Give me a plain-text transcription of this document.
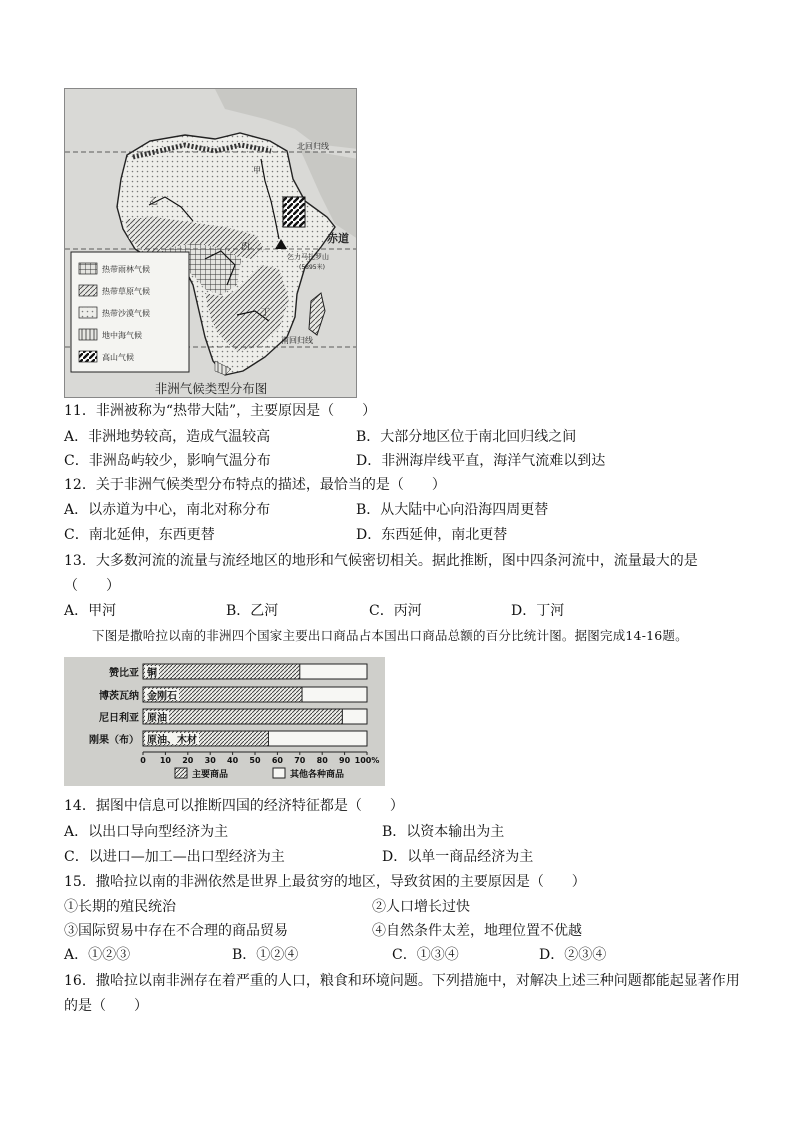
甲
乙
丙
丁
北回归线
赤道
南回归线
乞力马扎罗山
(5895米)
热带雨林气候
热带草原气候
热带沙漠气候
地中海气候
高山气候
非洲气候类型分布图
11．非洲被称为“热带大陆”，主要原因是（　　）
A．非洲地势较高，造成气温较高	B．大部分地区位于南北回归线之间
C．非洲岛屿较少，影响气温分布	D．非洲海岸线平直，海洋气流难以到达
12．关于非洲气候类型分布特点的描述，最恰当的是（　　）
A．以赤道为中心，南北对称分布	B．从大陆中心向沿海四周更替
C．南北延伸，东西更替	D．东西延伸，南北更替
13．大多数河流的流量与流经地区的地形和气候密切相关。据此推断，图中四条河流中，流量最大的是
（　　）
A．甲河	B．乙河	C．丙河	D．丁河
下图是撒哈拉以南的非洲四个国家主要出口商品占本国出口商品总额的百分比统计图。据图完成14-16题。
赞比亚 铜
博茨瓦纳 金刚石
尼日利亚 原油
刚果（布） 原油、木材
0 10 20 30 40 50 60 70 80 90 100%
主要商品	其他各种商品
14．据图中信息可以推断四国的经济特征都是（　　）
A．以出口导向型经济为主	B．以资本输出为主
C．以进口—加工—出口型经济为主	D．以单一商品经济为主
15．撒哈拉以南的非洲依然是世界上最贫穷的地区，导致贫困的主要原因是（　　）
①长期的殖民统治	②人口增长过快
③国际贸易中存在不合理的商品贸易	④自然条件太差，地理位置不优越
A．①②③	B．①②④	C．①③④	D．②③④
16．撒哈拉以南非洲存在着严重的人口，粮食和环境问题。下列措施中，对解决上述三种问题都能起显著作用
的是（　　）
